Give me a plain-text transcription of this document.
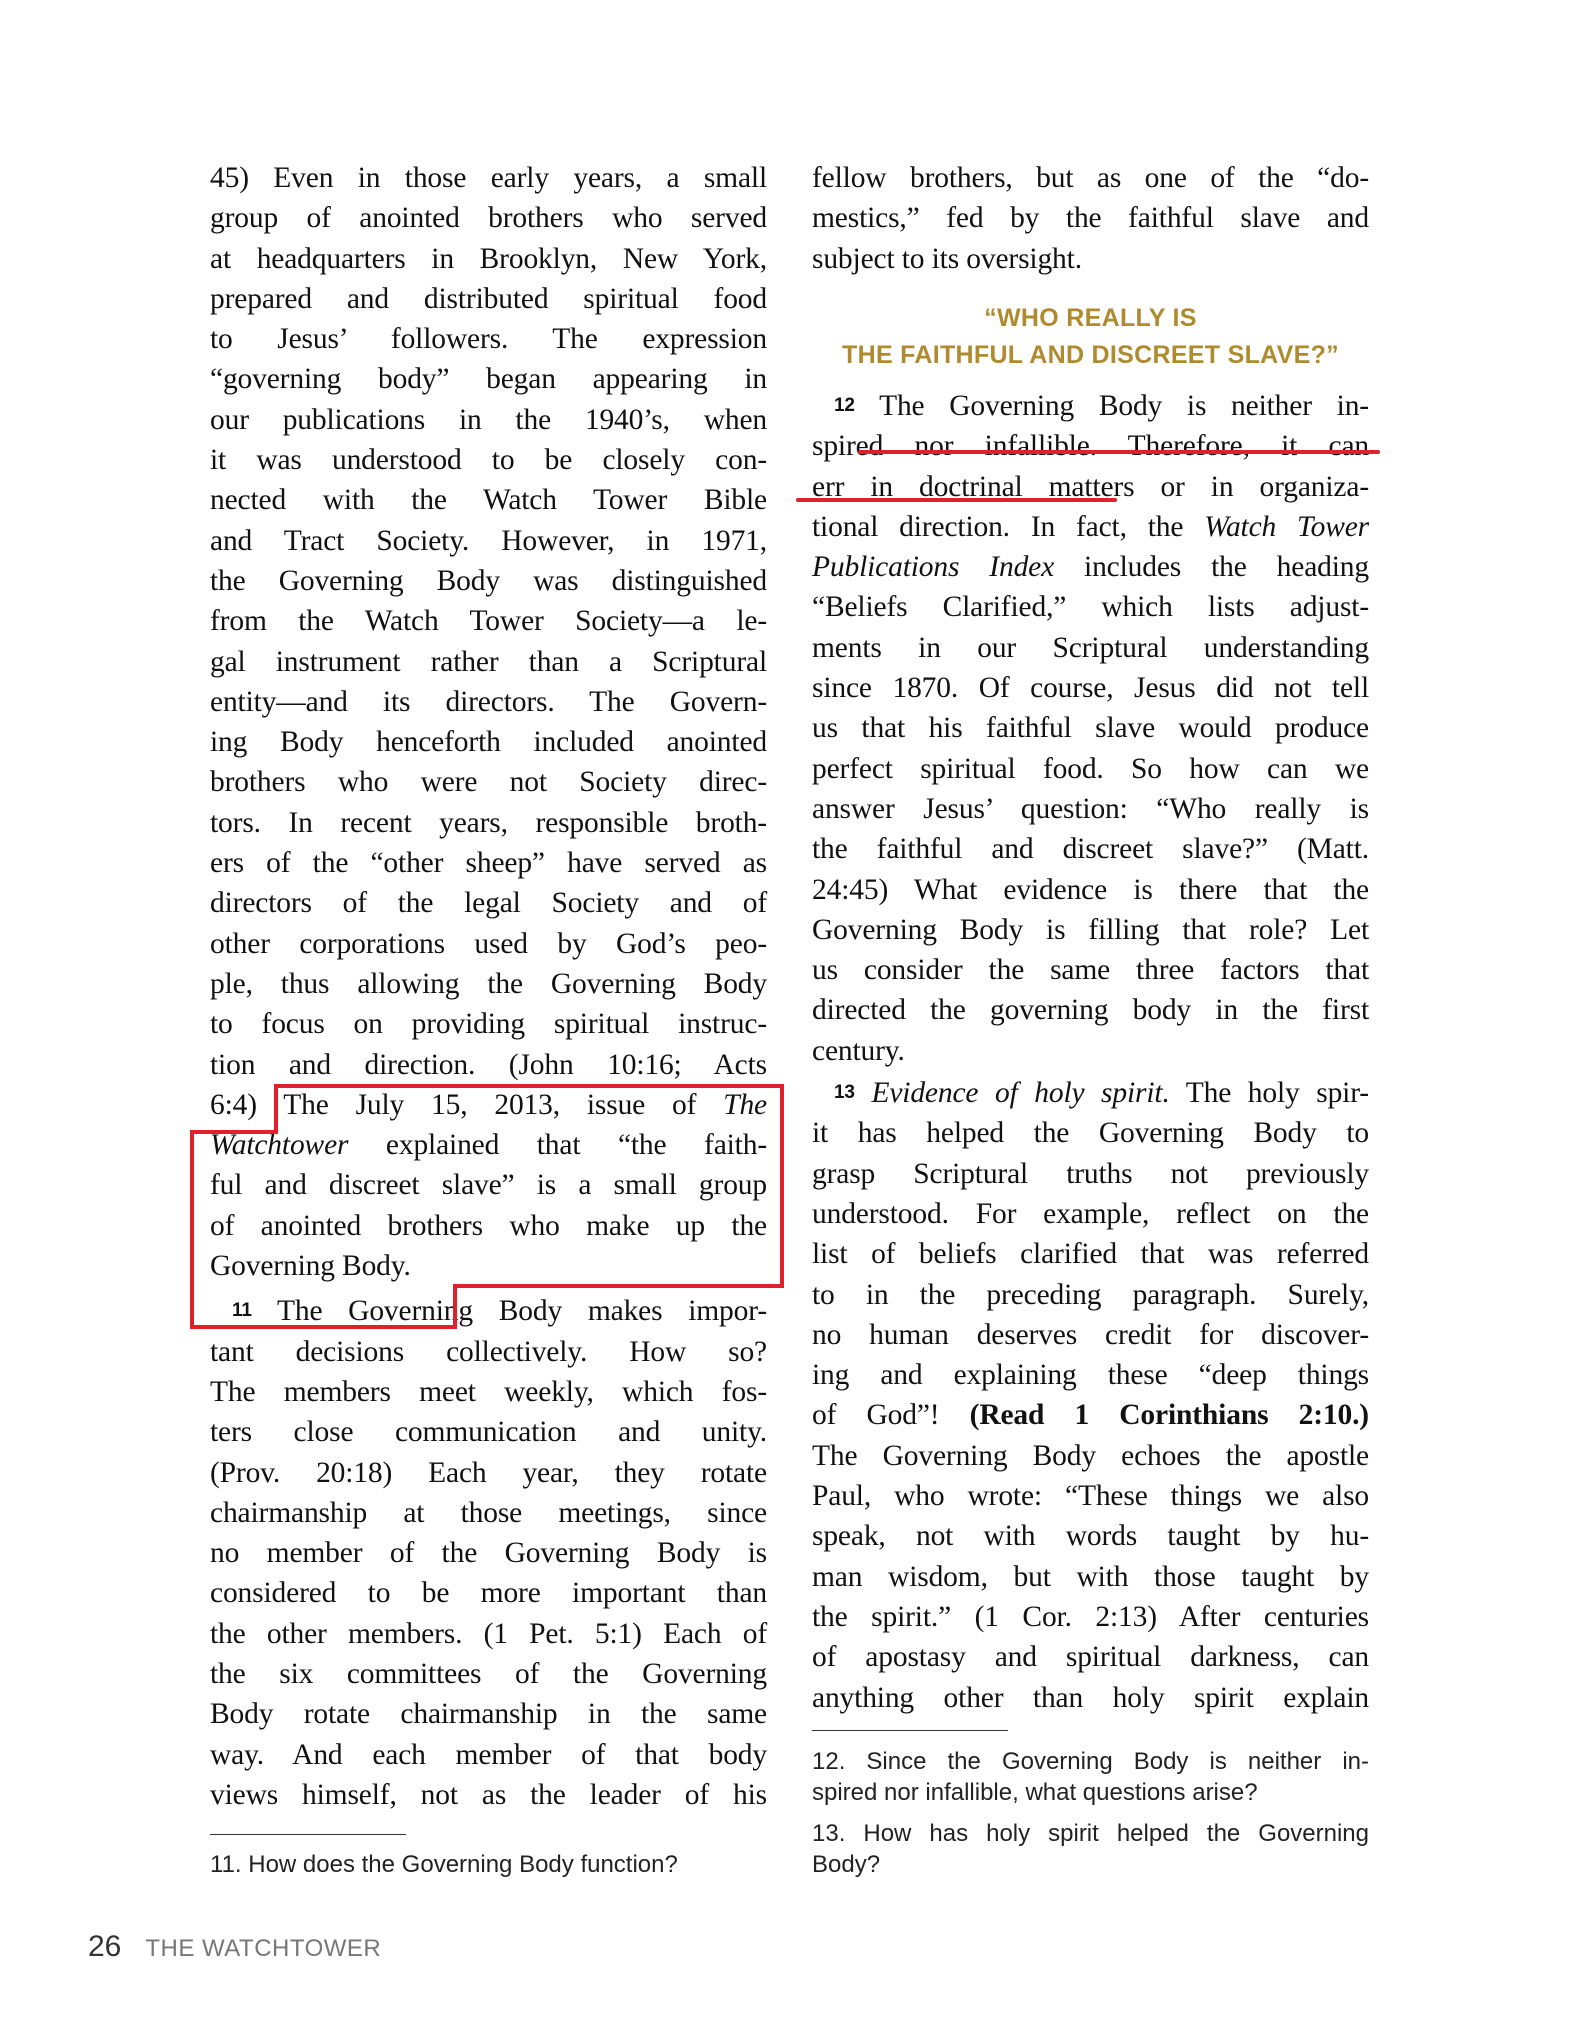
45) Even in those early years, a small
group of anointed brothers who served
at headquarters in Brooklyn, New York,
prepared and distributed spiritual food
to Jesus’ followers. The expression
“governing body” began appearing in
our publications in the 1940’s, when
it was understood to be closely con-
nected with the Watch Tower Bible
and Tract Society. However, in 1971,
the Governing Body was distinguished
from the Watch Tower Society—a le-
gal instrument rather than a Scriptural
entity—and its directors. The Govern-
ing Body henceforth included anointed
brothers who were not Society direc-
tors. In recent years, responsible broth-
ers of the “other sheep” have served as
directors of the legal Society and of
other corporations used by God’s peo-
ple, thus allowing the Governing Body
to focus on providing spiritual instruc-
tion and direction. (John 10:16; Acts
6:4) The July 15, 2013, issue of The
Watchtower explained that “the faith-
ful and discreet slave” is a small group
of anointed brothers who make up the
Governing Body.
11 The Governing Body makes impor-
tant decisions collectively. How so?
The members meet weekly, which fos-
ters close communication and unity.
(Prov. 20:18) Each year, they rotate
chairmanship at those meetings, since
no member of the Governing Body is
considered to be more important than
the other members. (1 Pet. 5:1) Each of
the six committees of the Governing
Body rotate chairmanship in the same
way. And each member of that body
views himself, not as the leader of his
11. How does the Governing Body function?
fellow brothers, but as one of the “do-
mestics,” fed by the faithful slave and
subject to its oversight.
“WHO REALLY IS
THE FAITHFUL AND DISCREET SLAVE?”
12 The Governing Body is neither in-
spired nor infallible. Therefore, it can
err in doctrinal matters or in organiza-
tional direction. In fact, the Watch Tower
Publications Index includes the heading
“Beliefs Clarified,” which lists adjust-
ments in our Scriptural understanding
since 1870. Of course, Jesus did not tell
us that his faithful slave would produce
perfect spiritual food. So how can we
answer Jesus’ question: “Who really is
the faithful and discreet slave?” (Matt.
24:45) What evidence is there that the
Governing Body is filling that role? Let
us consider the same three factors that
directed the governing body in the first
century.
13 Evidence of holy spirit. The holy spir-
it has helped the Governing Body to
grasp Scriptural truths not previously
understood. For example, reflect on the
list of beliefs clarified that was referred
to in the preceding paragraph. Surely,
no human deserves credit for discover-
ing and explaining these “deep things
of God”! (Read 1 Corinthians 2:10.)
The Governing Body echoes the apostle
Paul, who wrote: “These things we also
speak, not with words taught by hu-
man wisdom, but with those taught by
the spirit.” (1 Cor. 2:13) After centuries
of apostasy and spiritual darkness, can
anything other than holy spirit explain
12. Since the Governing Body is neither in-
spired nor infallible, what questions arise?
13. How has holy spirit helped the Governing
Body?
26 THE WATCHTOWER
